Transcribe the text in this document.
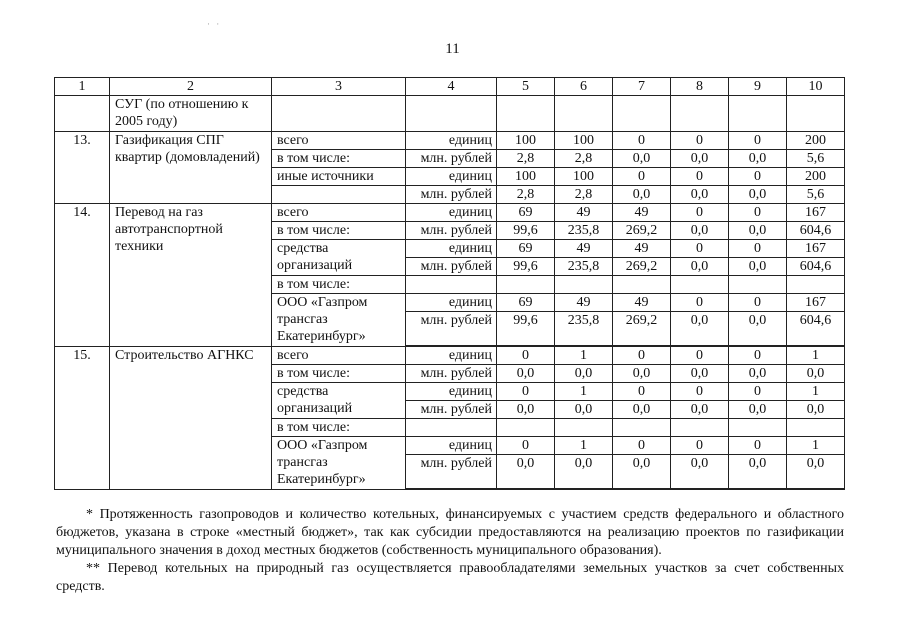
· ·
11
1	2	3	4	5	6	7	8	9	10
	СУГ (по отношению к 2005 году)								
13.	Газификация СПГ квартир (домовладений)	всего	единиц	100	100	0	0	0	200
		в том числе:	млн. рублей	2,8	2,8	0,0	0,0	0,0	5,6
		иные источники	единиц	100	100	0	0	0	200
			млн. рублей	2,8	2,8	0,0	0,0	0,0	5,6
14.	Перевод на газ автотранспортной техники	всего	единиц	69	49	49	0	0	167
		в том числе:	млн. рублей	99,6	235,8	269,2	0,0	0,0	604,6
		средства организаций	единиц	69	49	49	0	0	167
			млн. рублей	99,6	235,8	269,2	0,0	0,0	604,6
		в том числе:							
		ООО «Газпром трансгаз Екатеринбург»	единиц	69	49	49	0	0	167
			млн. рублей	99,6	235,8	269,2	0,0	0,0	604,6

15.	Строительство АГНКС	всего	единиц	0	1	0	0	0	1
		в том числе:	млн. рублей	0,0	0,0	0,0	0,0	0,0	0,0
		средства организаций	единиц	0	1	0	0	0	1
			млн. рублей	0,0	0,0	0,0	0,0	0,0	0,0
		в том числе:							
		ООО «Газпром трансгаз Екатеринбург»	единиц	0	1	0	0	0	1
			млн. рублей	0,0	0,0	0,0	0,0	0,0	0,0

* Протяженность газопроводов и количество котельных, финансируемых с участием средств федерального и областного бюджетов, указана в строке «местный бюджет», так как субсидии предоставляются на реализацию проектов по газификации муниципального значения в доход местных бюджетов (собственность муниципального образования).

** Перевод котельных на природный газ осуществляется правообладателями земельных участков за счет собственных средств.
